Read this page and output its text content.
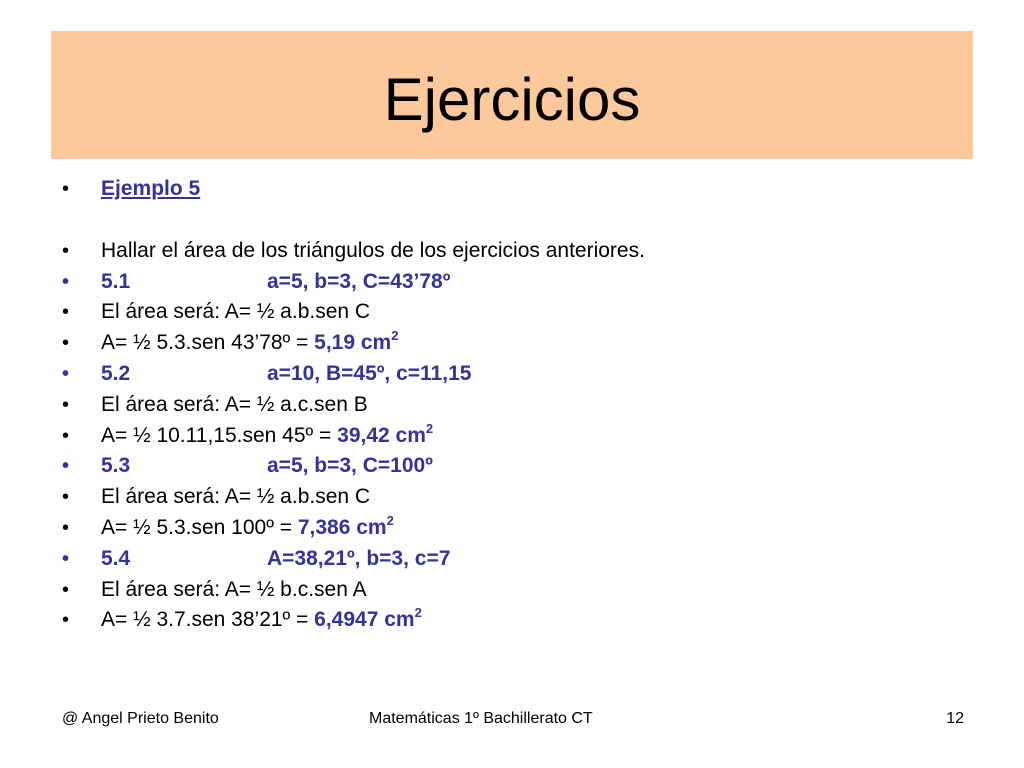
Ejercicios
• Ejemplo 5
• Hallar el área de los triángulos de los ejercicios anteriores.
• 5.1	a=5, b=3, C=43’78º
• El área será: A= ½ a.b.sen C
• A= ½ 5.3.sen 43’78º = 5,19 $cm^2$
• 5.2	a=10, B=45º, c=11,15
• El área será: A= ½ a.c.sen B
• A= ½ 10.11,15.sen 45º = 39,42 $cm^2$
• 5.3	a=5, b=3, C=100º
• El área será: A= ½ a.b.sen C
• A= ½ 5.3.sen 100º = 7,386 $cm^2$
• 5.4	A=38,21º, b=3, c=7
• El área será: A= ½ b.c.sen A
• A= ½ 3.7.sen 38’21º = 6,4947 $cm^2$
@ Angel Prieto Benito	Matemáticas 1º Bachillerato CT	12
